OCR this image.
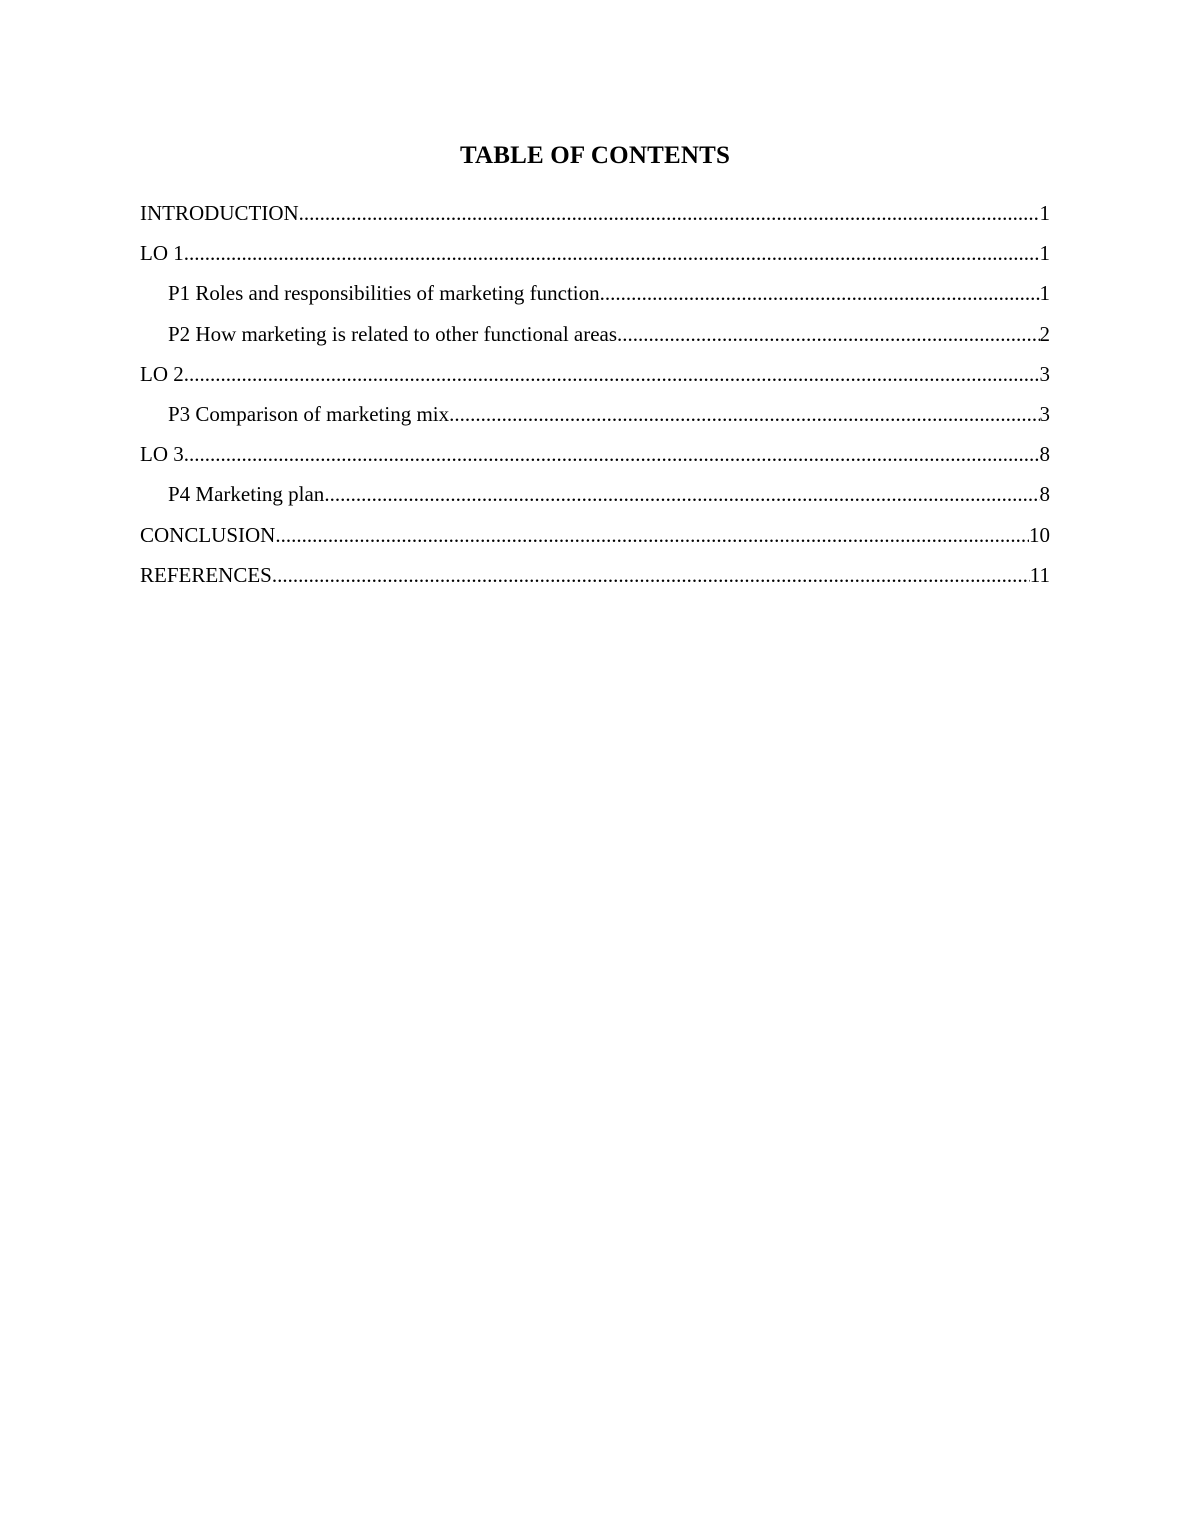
TABLE OF CONTENTS
INTRODUCTION .....	1
LO 1 .....	1
P1 Roles and responsibilities of marketing function .....	1
P2 How marketing is related to other functional areas .....	2
LO 2 .....	3
P3 Comparison of marketing mix .....	3
LO 3 .....	8
P4 Marketing plan .....	8
CONCLUSION .....	10
REFERENCES .....	11
